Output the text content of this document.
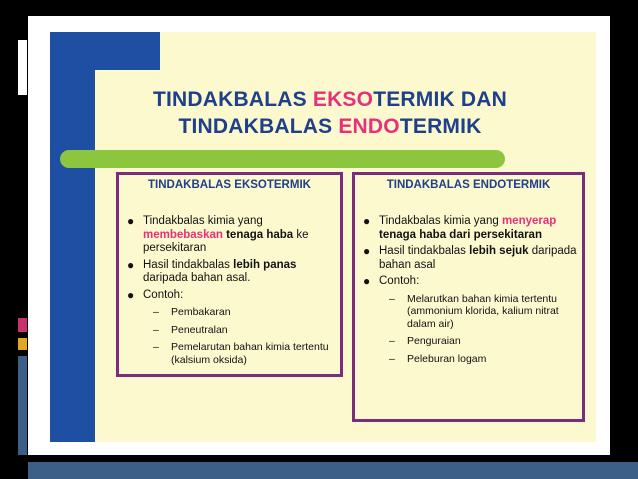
TINDAKBALAS EKSOTERMIK DAN
TINDAKBALAS ENDOTERMIK
TINDAKBALAS EKSOTERMIK
● Tindakbalas kimia yang membebaskan tenaga haba ke persekitaran
● Hasil tindakbalas lebih panas daripada bahan asal.
● Contoh:
– Pembakaran
– Peneutralan
– Pemelarutan bahan kimia tertentu (kalsium oksida)
TINDAKBALAS ENDOTERMIK
● Tindakbalas kimia yang menyerap tenaga haba dari persekitaran
● Hasil tindakbalas lebih sejuk daripada bahan asal
● Contoh:
– Melarutkan bahan kimia tertentu (ammonium klorida, kalium nitrat dalam air)
– Penguraian
– Peleburan logam
